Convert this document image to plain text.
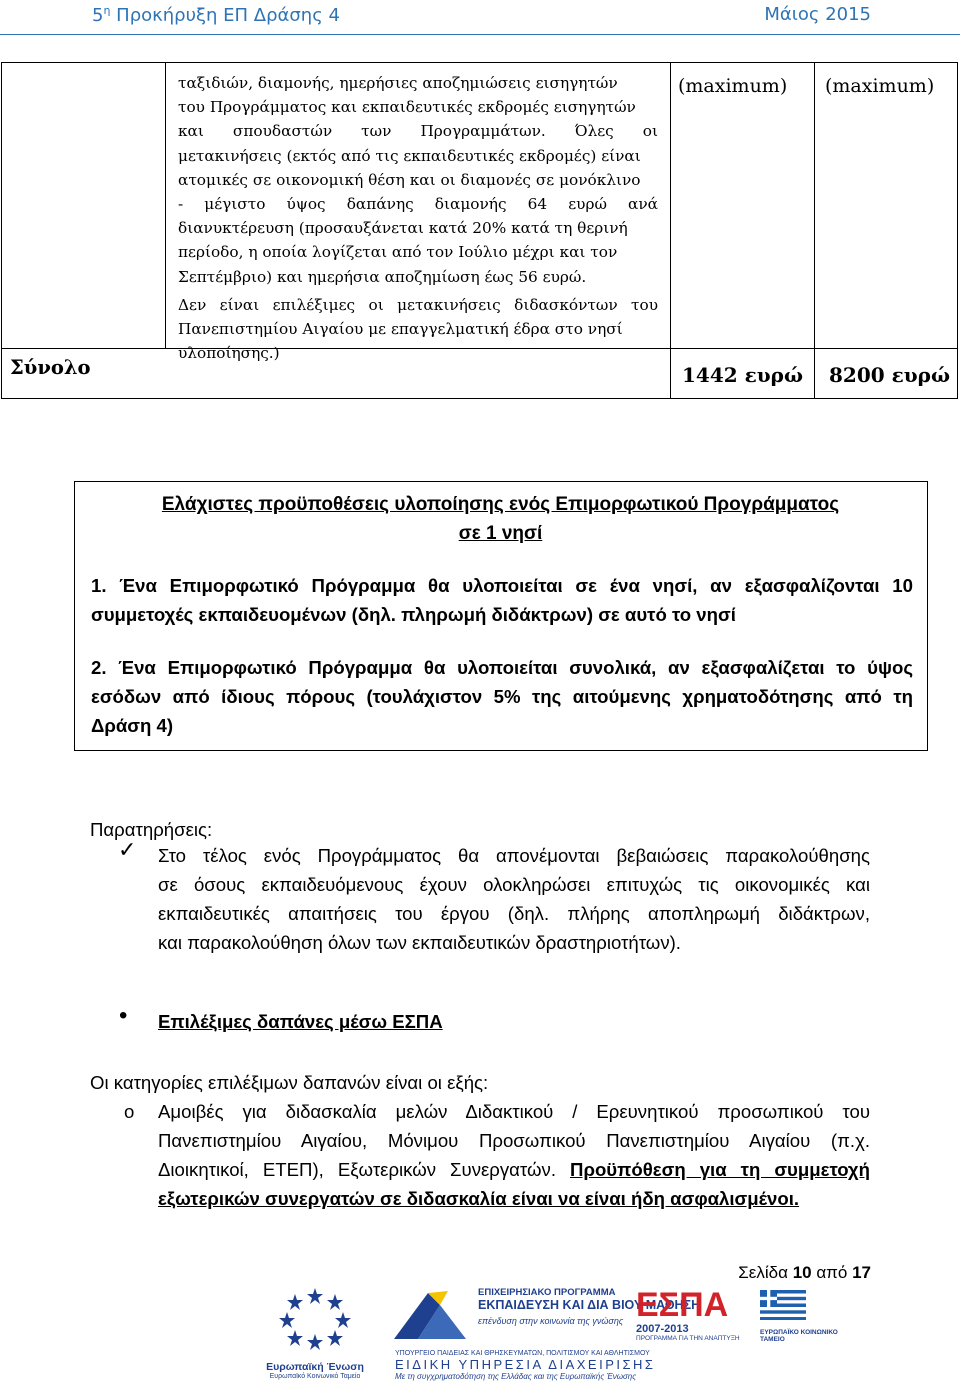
$5^\eta$ Προκήρυξη ΕΠ Δράσης 4	Μάιος 2015
ταξιδιών, διαμονής, ημερήσιες αποζημιώσεις εισηγητών
του Προγράμματος και εκπαιδευτικές εκδρομές εισηγητών
και σπουδαστών των Προγραμμάτων. Όλες οι
μετακινήσεις (εκτός από τις εκπαιδευτικές εκδρομές) είναι
ατομικές σε οικονομική θέση και οι διαμονές σε μονόκλινο
- μέγιστο ύψος δαπάνης διαμονής 64 ευρώ ανά
διανυκτέρευση (προσαυξάνεται κατά 20% κατά τη θερινή
περίοδο, η οποία λογίζεται από τον Ιούλιο μέχρι και τον
Σεπτέμβριο) και ημερήσια αποζημίωση έως 56 ευρώ.
Δεν είναι επιλέξιμες οι μετακινήσεις διδασκόντων του
Πανεπιστημίου Αιγαίου με επαγγελματική έδρα στο νησί
υλοποίησης.)
(maximum) (maximum)
Σύνολο	1442 ευρώ 8200 ευρώ
Ελάχιστες προϋποθέσεις υλοποίησης ενός Επιμορφωτικού Προγράμματος
σε 1 νησί
1. Ένα Επιμορφωτικό Πρόγραμμα θα υλοποιείται σε ένα νησί, αν εξασφαλίζονται 10
συμμετοχές εκπαιδευομένων (δηλ. πληρωμή διδάκτρων) σε αυτό το νησί
2. Ένα Επιμορφωτικό Πρόγραμμα θα υλοποιείται συνολικά, αν εξασφαλίζεται το ύψος
εσόδων από ίδιους πόρους (τουλάχιστον 5% της αιτούμενης χρηματοδότησης από τη
Δράση 4)
Παρατηρήσεις:
✓ Στο τέλος ενός Προγράμματος θα απονέμονται βεβαιώσεις παρακολούθησης
σε όσους εκπαιδευόμενους έχουν ολοκληρώσει επιτυχώς τις οικονομικές και
εκπαιδευτικές απαιτήσεις του έργου (δηλ. πλήρης αποπληρωμή διδάκτρων,
και παρακολούθηση όλων των εκπαιδευτικών δραστηριοτήτων).
• Επιλέξιμες δαπάνες μέσω ΕΣΠΑ
Οι κατηγορίες επιλέξιμων δαπανών είναι οι εξής:
o Αμοιβές για διδασκαλία μελών Διδακτικού / Ερευνητικού προσωπικού του
Πανεπιστημίου Αιγαίου, Μόνιμου Προσωπικού Πανεπιστημίου Αιγαίου (π.χ.
Διοικητικοί, ΕΤΕΠ), Εξωτερικών Συνεργατών. Προϋπόθεση για τη συμμετοχή
εξωτερικών συνεργατών σε διδασκαλία είναι να είναι ήδη ασφαλισμένοι.
Σελίδα 10 από 17
Ευρωπαϊκή Ένωση
Ευρωπαϊκό Κοινωνικό Ταμείο
ΕΠΙΧΕΙΡΗΣΙΑΚΟ ΠΡΟΓΡΑΜΜΑ
ΕΚΠΑΙΔΕΥΣΗ ΚΑΙ ΔΙΑ ΒΙΟΥ ΜΑΘΗΣΗ
επένδυση στην κοινωνία της γνώσης
ΥΠΟΥΡΓΕΙΟ ΠΑΙΔΕΙΑΣ ΚΑΙ ΘΡΗΣΚΕΥΜΑΤΩΝ, ΠΟΛΙΤΙΣΜΟΥ ΚΑΙ ΑΘΛΗΤΙΣΜΟΥ
ΕΙΔΙΚΗ ΥΠΗΡΕΣΙΑ ΔΙΑΧΕΙΡΙΣΗΣ
Με τη συγχρηματοδότηση της Ελλάδας και της Ευρωπαϊκής Ένωσης
ΕΣΠΑ
2007-2013
ΠΡΟΓΡΑΜΜΑ ΓΙΑ ΤΗΝ ΑΝΑΠΤΥΞΗ
ΕΥΡΩΠΑΪΚΟ ΚΟΙΝΩΝΙΚΟ ΤΑΜΕΙΟ
